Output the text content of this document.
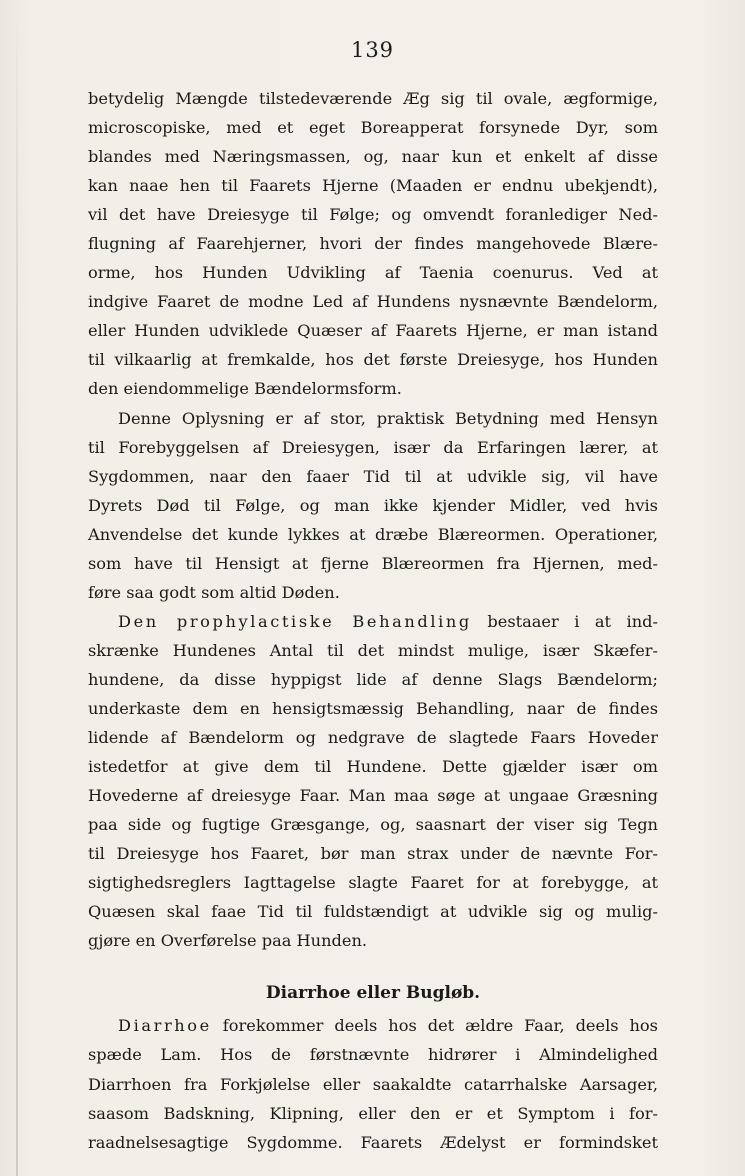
139
betydelig Mængde tilstedeværende Æg sig til ovale, ægformige,
microscopiske, med et eget Boreapperat forsynede Dyr, som
blandes med Næringsmassen, og, naar kun et enkelt af disse
kan naae hen til Faarets Hjerne (Maaden er endnu ubekjendt),
vil det have Dreiesyge til Følge; og omvendt foranlediger Ned-
flugning af Faarehjerner, hvori der findes mangehovede Blære-
orme, hos Hunden Udvikling af Taenia coenurus. Ved at
indgive Faaret de modne Led af Hundens nysnævnte Bændelorm,
eller Hunden udviklede Quæser af Faarets Hjerne, er man istand
til vilkaarlig at fremkalde, hos det første Dreiesyge, hos Hunden
den eiendommelige Bændelormsform.
Denne Oplysning er af stor, praktisk Betydning med Hensyn
til Forebyggelsen af Dreiesygen, især da Erfaringen lærer, at
Sygdommen, naar den faaer Tid til at udvikle sig, vil have
Dyrets Død til Følge, og man ikke kjender Midler, ved hvis
Anvendelse det kunde lykkes at dræbe Blæreormen. Operationer,
som have til Hensigt at fjerne Blæreormen fra Hjernen, med-
føre saa godt som altid Døden.
Den prophylactiske Behandling bestaaer i at ind-
skrænke Hundenes Antal til det mindst mulige, især Skæfer-
hundene, da disse hyppigst lide af denne Slags Bændelorm;
underkaste dem en hensigtsmæssig Behandling, naar de findes
lidende af Bændelorm og nedgrave de slagtede Faars Hoveder
istedetfor at give dem til Hundene. Dette gjælder især om
Hovederne af dreiesyge Faar. Man maa søge at ungaae Græsning
paa side og fugtige Græsgange, og, saasnart der viser sig Tegn
til Dreiesyge hos Faaret, bør man strax under de nævnte For-
sigtighedsreglers Iagttagelse slagte Faaret for at forebygge, at
Quæsen skal faae Tid til fuldstændigt at udvikle sig og mulig-
gjøre en Overførelse paa Hunden.
Diarrhoe eller Bugløb.
Diarrhoe forekommer deels hos det ældre Faar, deels hos
spæde Lam. Hos de førstnævnte hidrører i Almindelighed
Diarrhoen fra Forkjølelse eller saakaldte catarrhalske Aarsager,
saasom Badskning, Klipning, eller den er et Symptom i for-
raadnelsesagtige Sygdomme. Faarets Ædelyst er formindsket
